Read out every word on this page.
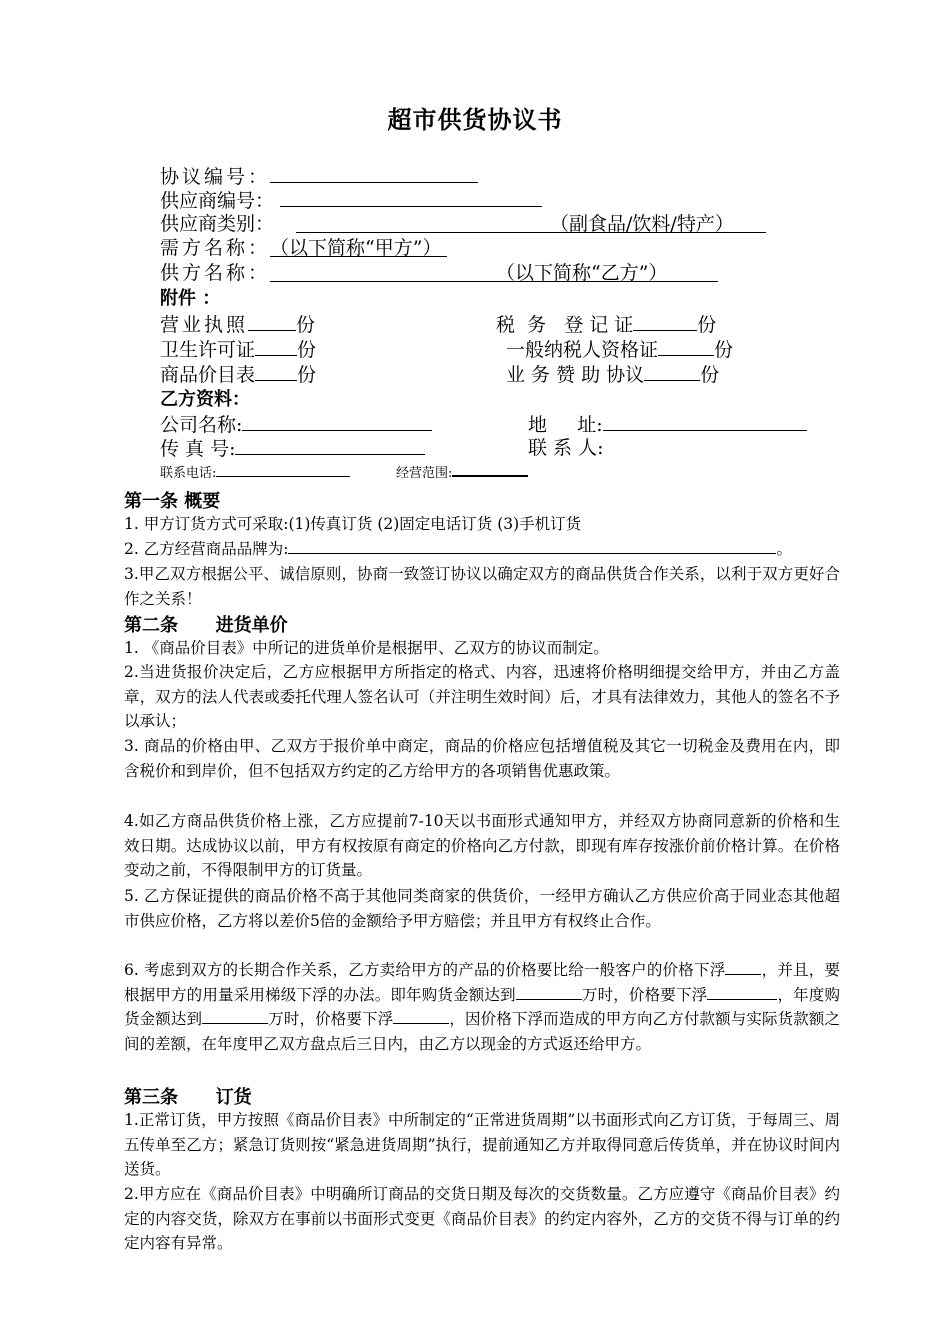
超市供货协议书
协议编号：
供应商编号：
供应商类别：	（副食品/饮料/特产）
需方名称：（以下简称“甲方”）
供方名称：	（以下简称“乙方”）
附件 ：
营业执照	份	税  务   登 记 证	份
卫生许可证 份	一般纳税人资格证	份
商品价目表 份	业 务 赞 助 协议	份
乙方资料：
公司名称:	地     址:
传 真 号:	联 系 人:
联系电话:	经营范围:
第一条 概要
1. 甲方订货方式可采取:(1)传真订货 (2)固定电话订货 (3)手机订货
2. 乙方经营商品品牌为:	。
3.甲乙双方根据公平、诚信原则，协商一致签订协议以确定双方的商品供货合作关系，以利于双方更好合作之关系！
第二条      进货单价
1. 《商品价目表》中所记的进货单价是根据甲、乙双方的协议而制定。
2.当进货报价决定后，乙方应根据甲方所指定的格式、内容，迅速将价格明细提交给甲方，并由乙方盖章，双方的法人代表或委托代理人签名认可（并注明生效时间）后，才具有法律效力，其他人的签名不予以承认；
3. 商品的价格由甲、乙双方于报价单中商定，商品的价格应包括增值税及其它一切税金及费用在内，即含税价和到岸价，但不包括双方约定的乙方给甲方的各项销售优惠政策。
4.如乙方商品供货价格上涨，乙方应提前7-10天以书面形式通知甲方，并经双方协商同意新的价格和生效日期。达成协议以前，甲方有权按原有商定的价格向乙方付款，即现有库存按涨价前价格计算。在价格变动之前，不得限制甲方的订货量。
5. 乙方保证提供的商品价格不高于其他同类商家的供货价，一经甲方确认乙方供应价高于同业态其他超市供应价格，乙方将以差价5倍的金额给予甲方赔偿；并且甲方有权终止合作。
6. 考虑到双方的长期合作关系，乙方卖给甲方的产品的价格要比给一般客户的价格下浮 ，并且，要根据甲方的用量采用梯级下浮的办法。即年购货金额达到	万时，价格要下浮	，年度购货金额达到	万时，价格要下浮	，因价格下浮而造成的甲方向乙方付款额与实际货款额之间的差额，在年度甲乙双方盘点后三日内，由乙方以现金的方式返还给甲方。
第三条      订货
1.正常订货，甲方按照《商品价目表》中所制定的“正常进货周期”以书面形式向乙方订货，于每周三、周五传单至乙方；紧急订货则按“紧急进货周期”执行，提前通知乙方并取得同意后传货单，并在协议时间内送货。
2.甲方应在《商品价目表》中明确所订商品的交货日期及每次的交货数量。乙方应遵守《商品价目表》约定的内容交货，除双方在事前以书面形式变更《商品价目表》的约定内容外，乙方的交货不得与订单的约定内容有异常。
